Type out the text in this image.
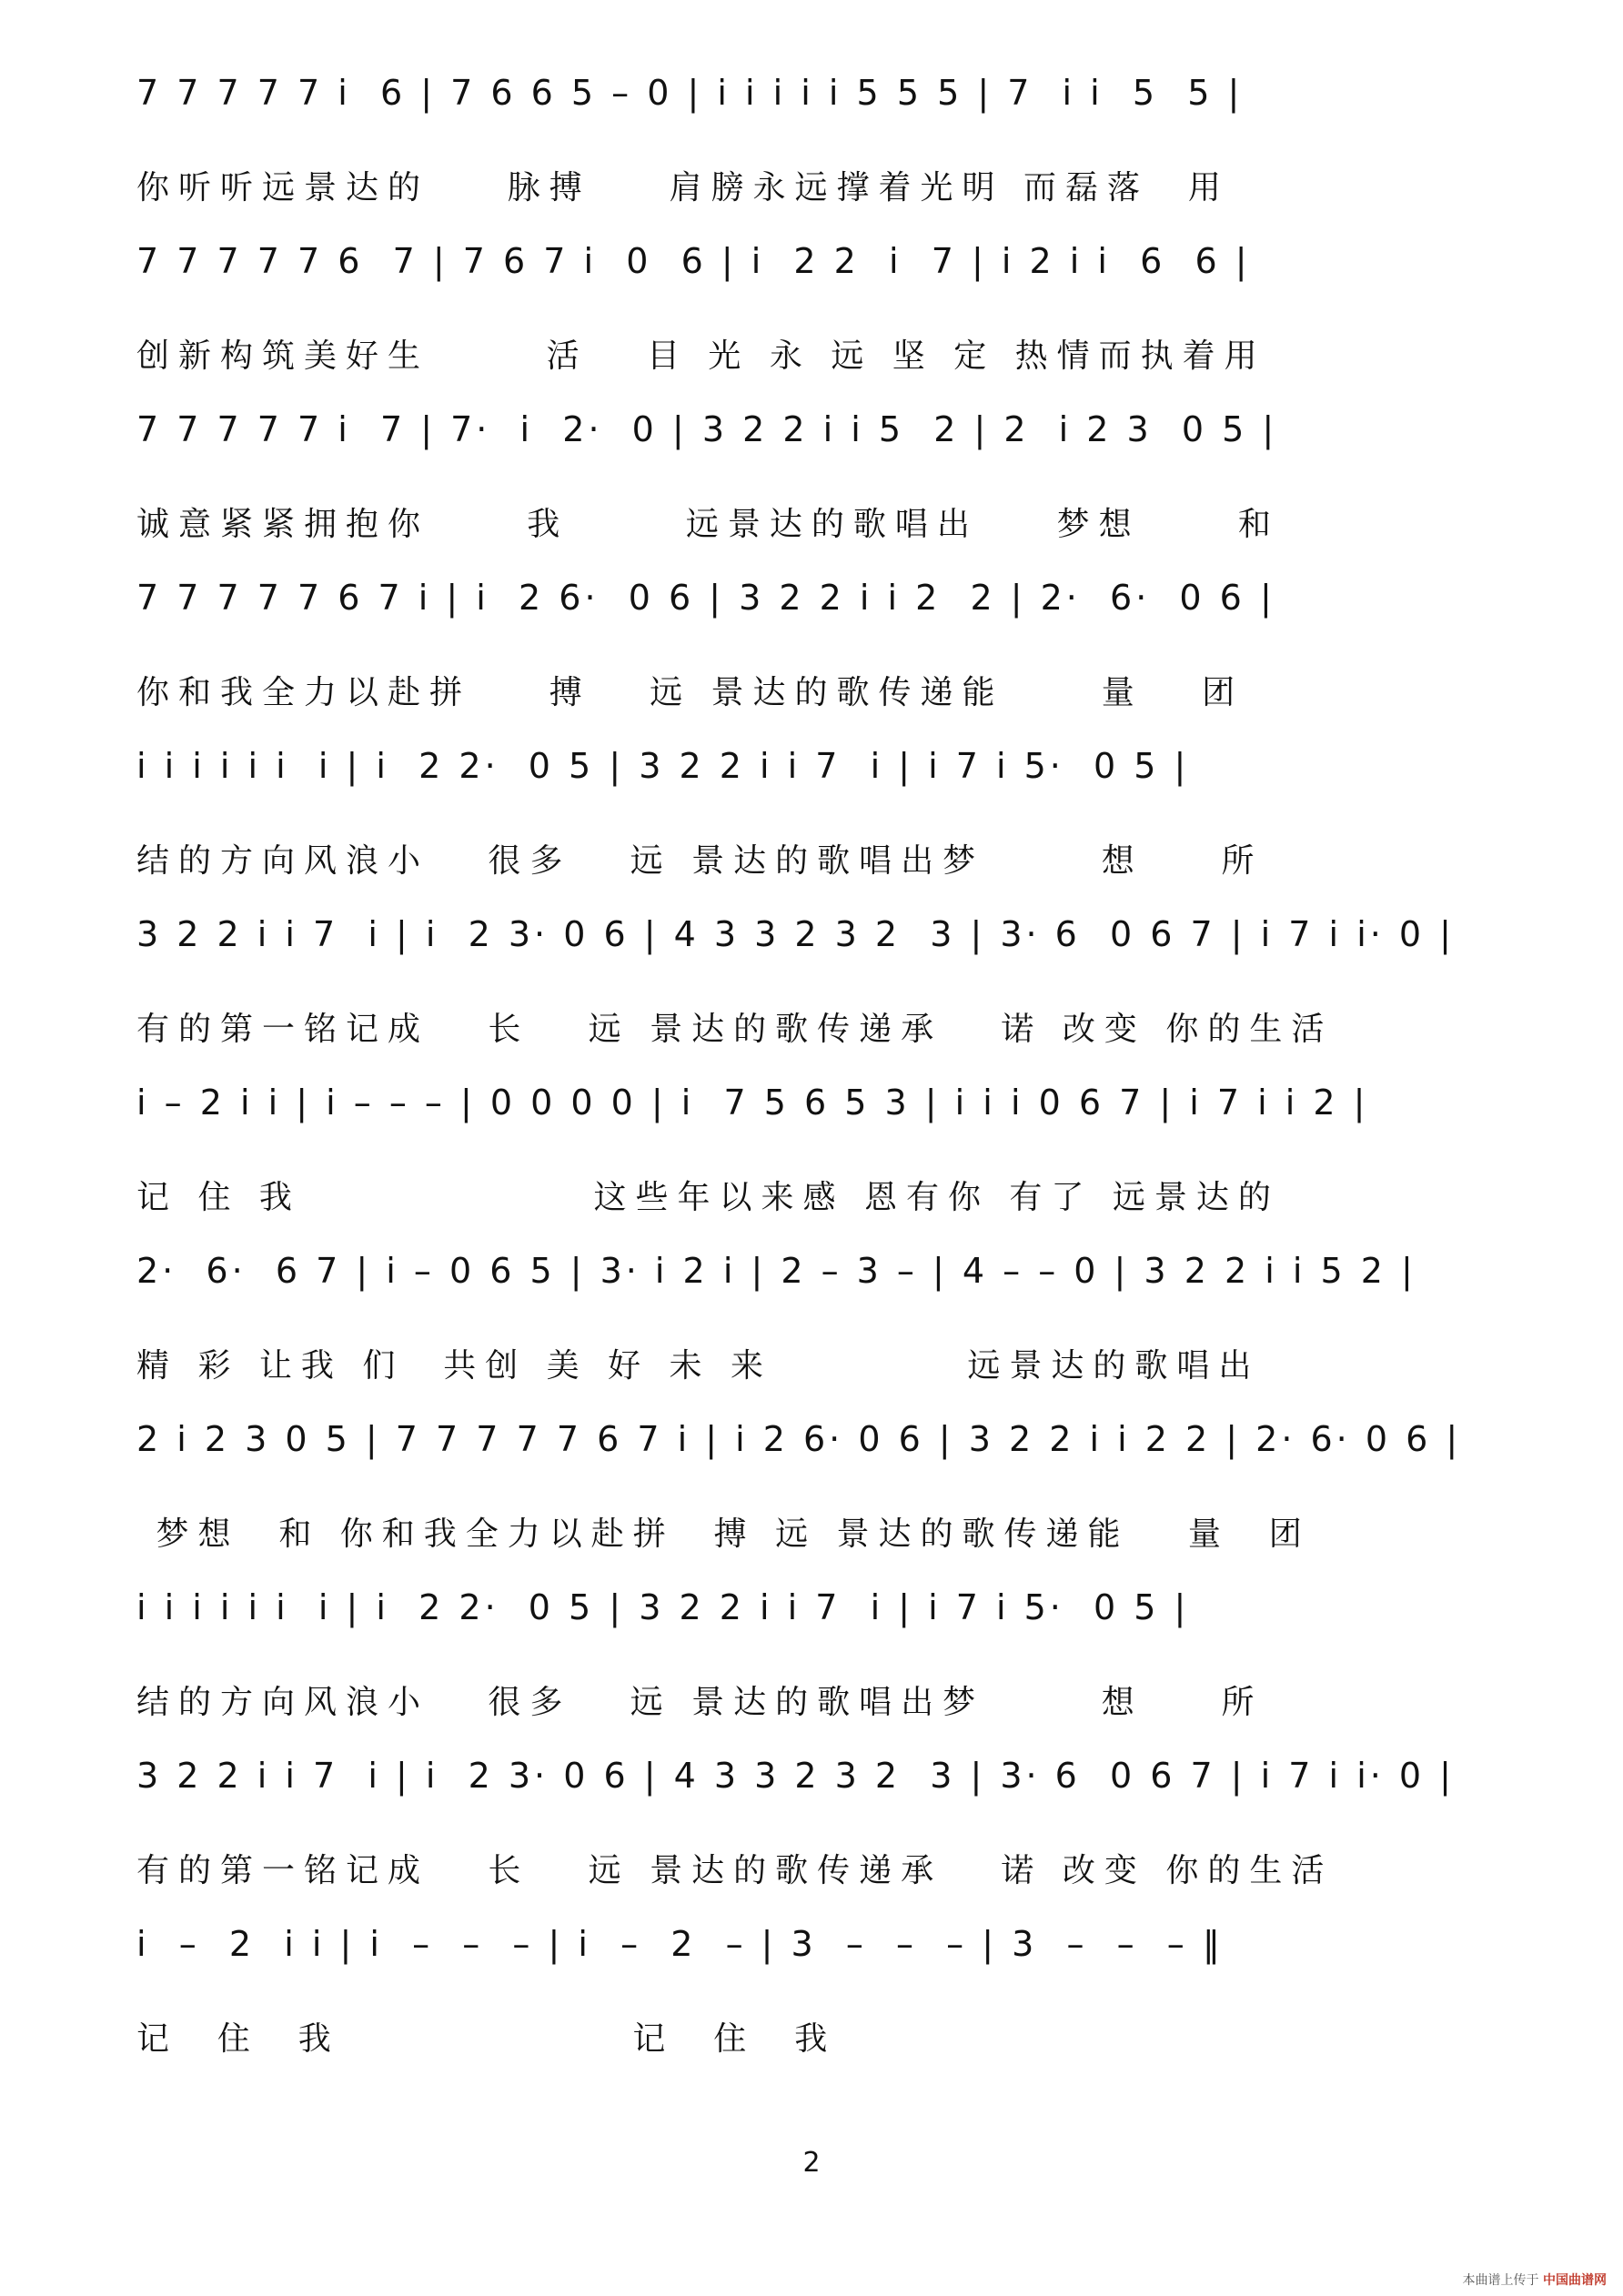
7 7 7 7 7 i  6 | 7 6 6 5 – 0 | i i i i i 5 5 5 | 7  i i  5  5 |
你听听远景达的    脉搏    肩膀永远撑着光明 而磊落  用
7 7 7 7 7 6  7 | 7 6 7 i  0  6 | i  2 2  i  7 | i 2 i i  6  6 |
创新构筑美好生      活   目 光 永 远 坚 定 热情而执着用
7 7 7 7 7 i  7 | 7·  i  2·  0 | 3 2 2 i i 5  2 | 2  i 2 3  0 5 |
诚意紧紧拥抱你     我      远景达的歌唱出    梦想     和
7 7 7 7 7 6 7 i | i  2 6·  0 6 | 3 2 2 i i 2  2 | 2·  6·  0 6 |
你和我全力以赴拼    搏   远 景达的歌传递能     量   团
i i i i i i  i | i  2 2·  0 5 | 3 2 2 i i 7  i | i 7 i 5·  0 5 |
结的方向风浪小   很多   远 景达的歌唱出梦      想    所
3 2 2 i i 7  i | i  2 3· 0 6 | 4 3 3 2 3 2  3 | 3· 6  0 6 7 | i 7 i i· 0 |
有的第一铭记成   长   远 景达的歌传递承   诺 改变 你的生活
i – 2 i i | i – – – | 0 0 0 0 | i  7 5 6 5 3 | i i i 0 6 7 | i 7 i i 2 |
记 住 我               这些年以来感 恩有你 有了 远景达的
2·  6·  6 7 | i – 0 6 5 | 3· i 2 i | 2 – 3 – | 4 – – 0 | 3 2 2 i i 5 2 |
精 彩 让我 们  共创 美 好 未 来          远景达的歌唱出
2 i 2 3 0 5 | 7 7 7 7 7 6 7 i | i 2 6· 0 6 | 3 2 2 i i 2 2 | 2· 6· 0 6 |
梦想  和 你和我全力以赴拼  搏 远 景达的歌传递能   量  团
i i i i i i  i | i  2 2·  0 5 | 3 2 2 i i 7  i | i 7 i 5·  0 5 |
结的方向风浪小   很多   远 景达的歌唱出梦      想    所
3 2 2 i i 7  i | i  2 3· 0 6 | 4 3 3 2 3 2  3 | 3· 6  0 6 7 | i 7 i i· 0 |
有的第一铭记成   长   远 景达的歌传递承   诺 改变 你的生活
i  –  2  i i | i  –  –  – | i  –  2  – | 3  –  –  – | 3  –  –  – ‖
记  住  我               记  住  我
2
本曲谱上传于 中国曲谱网
